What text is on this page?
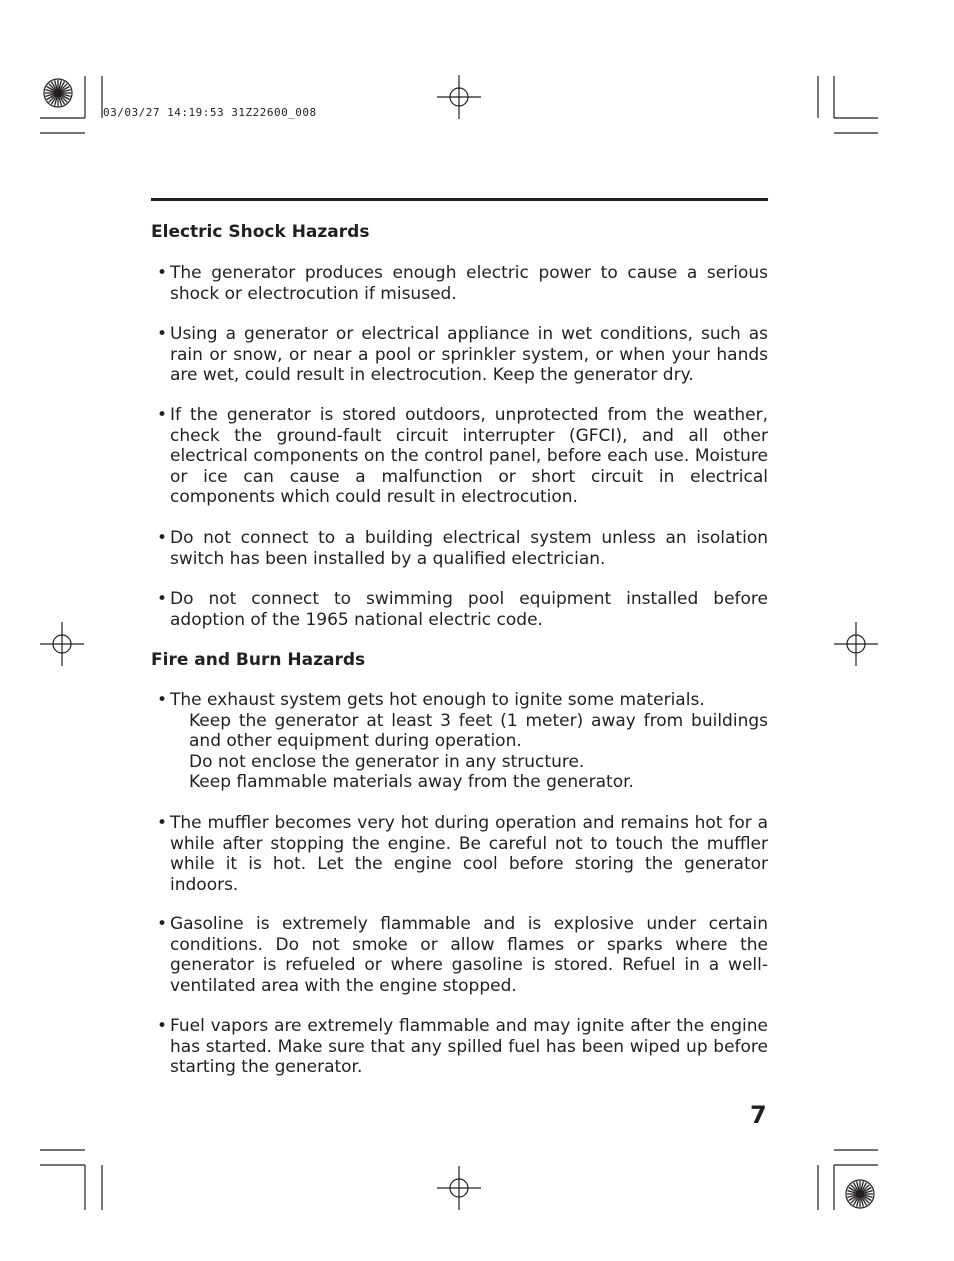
03/03/27 14:19:53 31Z22600_008
Electric Shock Hazards
• The generator produces enough electric power to cause a serious shock or electrocution if misused.
• Using a generator or electrical appliance in wet conditions, such as rain or snow, or near a pool or sprinkler system, or when your hands are wet, could result in electrocution. Keep the generator dry.
• If the generator is stored outdoors, unprotected from the weather, check the ground-fault circuit interrupter (GFCI), and all other electrical components on the control panel, before each use. Moisture or ice can cause a malfunction or short circuit in electrical components which could result in electrocution.
• Do not connect to a building electrical system unless an isolation switch has been installed by a qualified electrician.
• Do not connect to swimming pool equipment installed before adoption of the 1965 national electric code.
Fire and Burn Hazards
• The exhaust system gets hot enough to ignite some materials.
Keep the generator at least 3 feet (1 meter) away from buildings and other equipment during operation.
Do not enclose the generator in any structure.
Keep flammable materials away from the generator.
• The muffler becomes very hot during operation and remains hot for a while after stopping the engine. Be careful not to touch the muffler while it is hot. Let the engine cool before storing the generator indoors.
• Gasoline is extremely flammable and is explosive under certain conditions. Do not smoke or allow flames or sparks where the generator is refueled or where gasoline is stored. Refuel in a well-ventilated area with the engine stopped.
• Fuel vapors are extremely flammable and may ignite after the engine has started. Make sure that any spilled fuel has been wiped up before starting the generator.
7
